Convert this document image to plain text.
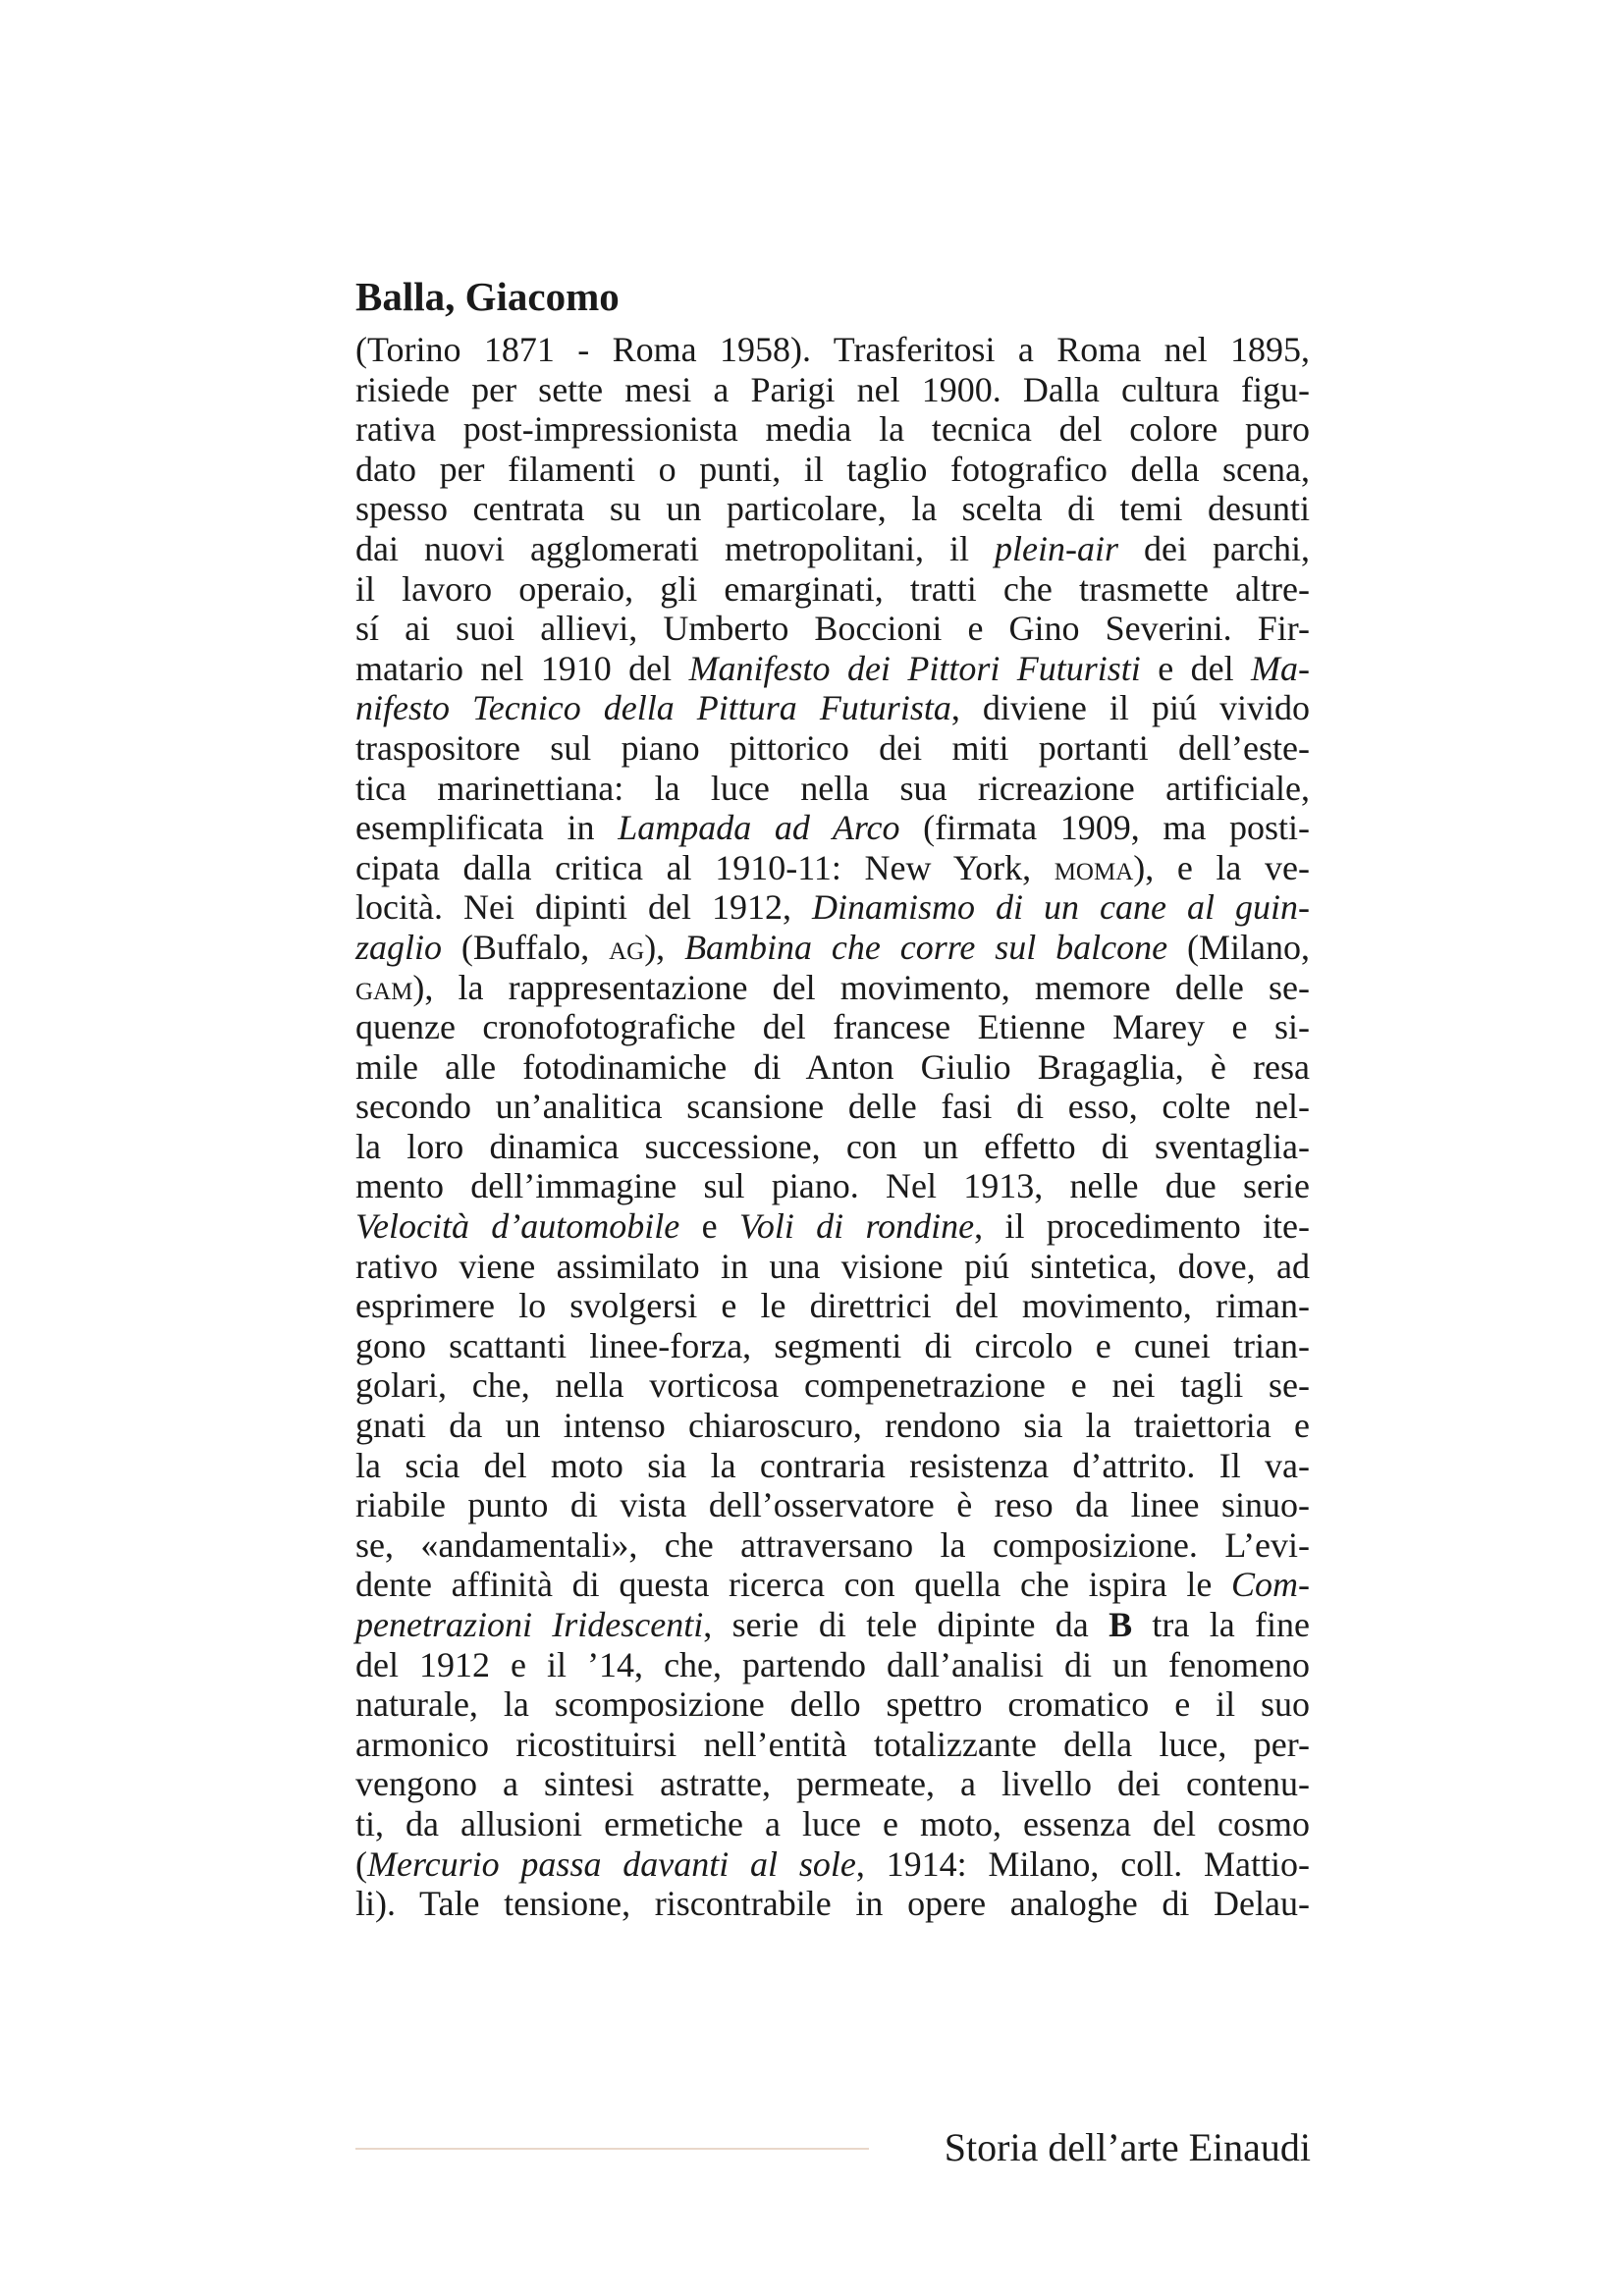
Balla, Giacomo
(Torino 1871 - Roma 1958). Trasferitosi a Roma nel 1895,
risiede per sette mesi a Parigi nel 1900. Dalla cultura figu-
rativa post-impressionista media la tecnica del colore puro
dato per filamenti o punti, il taglio fotografico della scena,
spesso centrata su un particolare, la scelta di temi desunti
dai nuovi agglomerati metropolitani, il plein-air dei parchi,
il lavoro operaio, gli emarginati, tratti che trasmette altre-
sí ai suoi allievi, Umberto Boccioni e Gino Severini. Fir-
matario nel 1910 del Manifesto dei Pittori Futuristi e del Ma-
nifesto Tecnico della Pittura Futurista, diviene il piú vivido
traspositore sul piano pittorico dei miti portanti dell’este-
tica marinettiana: la luce nella sua ricreazione artificiale,
esemplificata in Lampada ad Arco (firmata 1909, ma posti-
cipata dalla critica al 1910-11: New York, moma), e la ve-
locità. Nei dipinti del 1912, Dinamismo di un cane al guin-
zaglio (Buffalo, ag), Bambina che corre sul balcone (Milano,
gam), la rappresentazione del movimento, memore delle se-
quenze cronofotografiche del francese Etienne Marey e si-
mile alle fotodinamiche di Anton Giulio Bragaglia, è resa
secondo un’analitica scansione delle fasi di esso, colte nel-
la loro dinamica successione, con un effetto di sventaglia-
mento dell’immagine sul piano. Nel 1913, nelle due serie
Velocità d’automobile e Voli di rondine, il procedimento ite-
rativo viene assimilato in una visione piú sintetica, dove, ad
esprimere lo svolgersi e le direttrici del movimento, riman-
gono scattanti linee-forza, segmenti di circolo e cunei trian-
golari, che, nella vorticosa compenetrazione e nei tagli se-
gnati da un intenso chiaroscuro, rendono sia la traiettoria e
la scia del moto sia la contraria resistenza d’attrito. Il va-
riabile punto di vista dell’osservatore è reso da linee sinuo-
se, «andamentali», che attraversano la composizione. L’evi-
dente affinità di questa ricerca con quella che ispira le Com-
penetrazioni Iridescenti, serie di tele dipinte da B tra la fine
del 1912 e il ’14, che, partendo dall’analisi di un fenomeno
naturale, la scomposizione dello spettro cromatico e il suo
armonico ricostituirsi nell’entità totalizzante della luce, per-
vengono a sintesi astratte, permeate, a livello dei contenu-
ti, da allusioni ermetiche a luce e moto, essenza del cosmo
(Mercurio passa davanti al sole, 1914: Milano, coll. Mattio-
li). Tale tensione, riscontrabile in opere analoghe di Delau-

Storia dell’arte Einaudi
